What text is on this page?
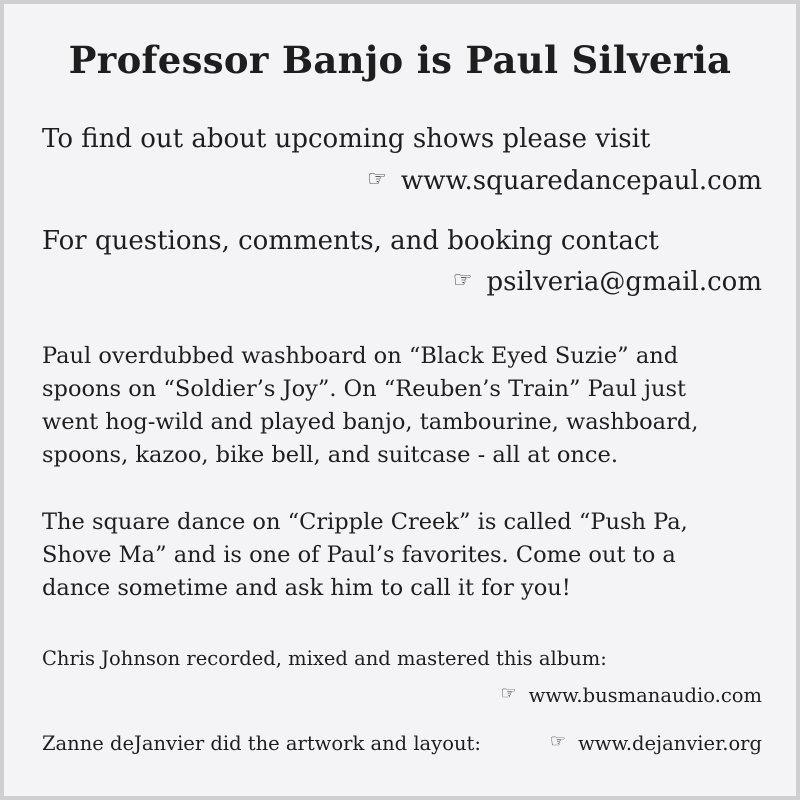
Professor Banjo is Paul Silveria
To find out about upcoming shows please visit
☞ www.squaredancepaul.com
For questions, comments, and booking contact
☞ psilveria@gmail.com

Paul overdubbed washboard on “Black Eyed Suzie” and

spoons on “Soldier’s Joy”. On “Reuben’s Train” Paul just

went hog-wild and played banjo, tambourine, washboard,

spoons, kazoo, bike bell, and suitcase - all at once.

The square dance on “Cripple Creek” is called “Push Pa,

Shove Ma” and is one of Paul’s favorites. Come out to a

dance sometime and ask him to call it for you!

Chris Johnson recorded, mixed and mastered this album:
☞ www.busmanaudio.com
Zanne deJanvier did the artwork and layout:	☞ www.dejanvier.org
